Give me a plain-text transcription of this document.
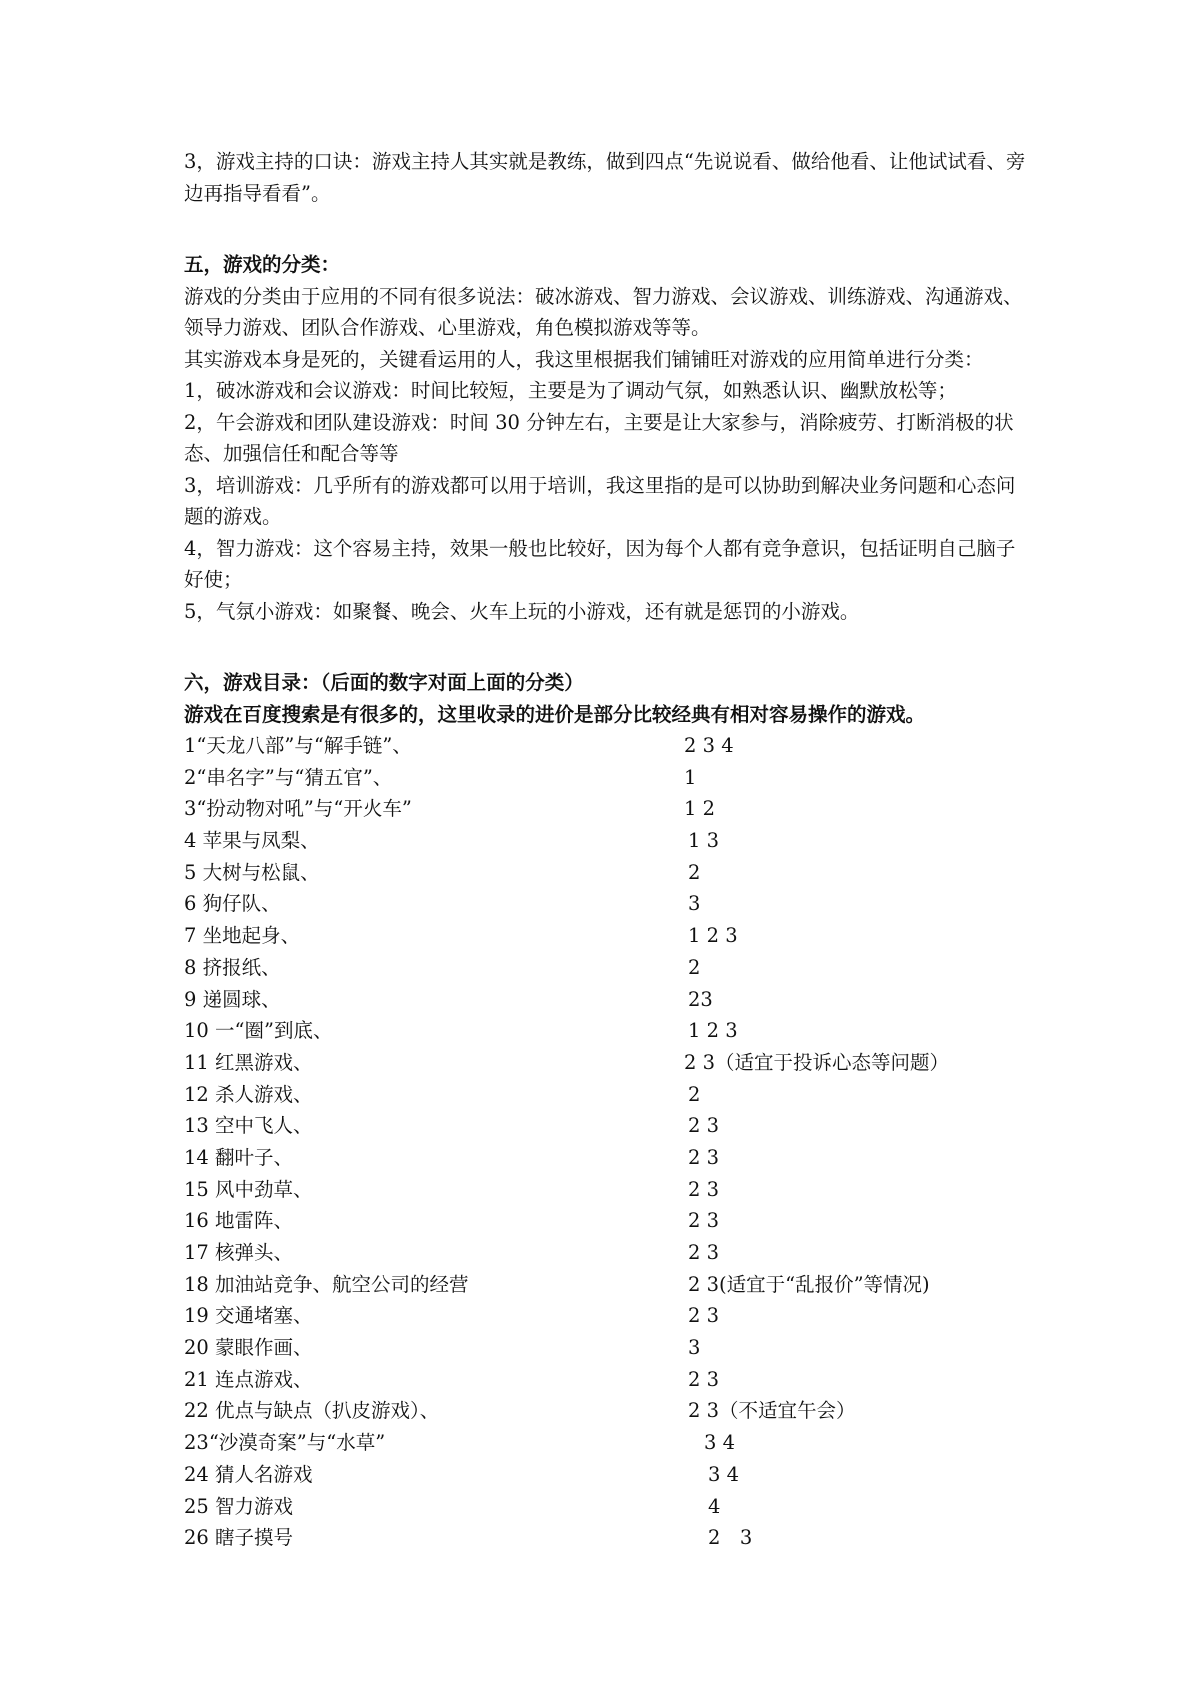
3，游戏主持的口诀：游戏主持人其实就是教练，做到四点“先说说看、做给他看、让他试试看、旁边再指导看看”。

五，游戏的分类：

游戏的分类由于应用的不同有很多说法：破冰游戏、智力游戏、会议游戏、训练游戏、沟通游戏、领导力游戏、团队合作游戏、心里游戏，角色模拟游戏等等。

其实游戏本身是死的，关键看运用的人，我这里根据我们铺铺旺对游戏的应用简单进行分类：

1，破冰游戏和会议游戏：时间比较短，主要是为了调动气氛，如熟悉认识、幽默放松等；

2，午会游戏和团队建设游戏：时间 30 分钟左右，主要是让大家参与，消除疲劳、打断消极的状态、加强信任和配合等等

3，培训游戏：几乎所有的游戏都可以用于培训，我这里指的是可以协助到解决业务问题和心态问题的游戏。

4，智力游戏：这个容易主持，效果一般也比较好，因为每个人都有竞争意识，包括证明自己脑子好使；

5，气氛小游戏：如聚餐、晚会、火车上玩的小游戏，还有就是惩罚的小游戏。

六，游戏目录：（后面的数字对面上面的分类）

游戏在百度搜索是有很多的，这里收录的进价是部分比较经典有相对容易操作的游戏。

1“天龙八部”与“解手链”、	2 3 4
2“串名字”与“猜五官”、	1
3“扮动物对吼”与“开火车”	1 2
4 苹果与凤梨、	1 3
5 大树与松鼠、	2
6 狗仔队、	3
7 坐地起身、	1 2 3
8 挤报纸、	2
9 递圆球、	23
10 一“圈”到底、	1 2 3
11 红黑游戏、	2 3（适宜于投诉心态等问题）
12 杀人游戏、	2
13 空中飞人、	2 3
14 翻叶子、	2 3
15 风中劲草、	2 3
16 地雷阵、	2 3
17 核弹头、	2 3
18 加油站竞争、航空公司的经营	2 3(适宜于“乱报价”等情况)
19 交通堵塞、	2 3
20 蒙眼作画、	3
21 连点游戏、	2 3
22 优点与缺点（扒皮游戏）、	2 3（不适宜午会）
23“沙漠奇案”与“水草”	3 4
24 猜人名游戏	3 4
25 智力游戏	4
26 瞎子摸号	2　3
